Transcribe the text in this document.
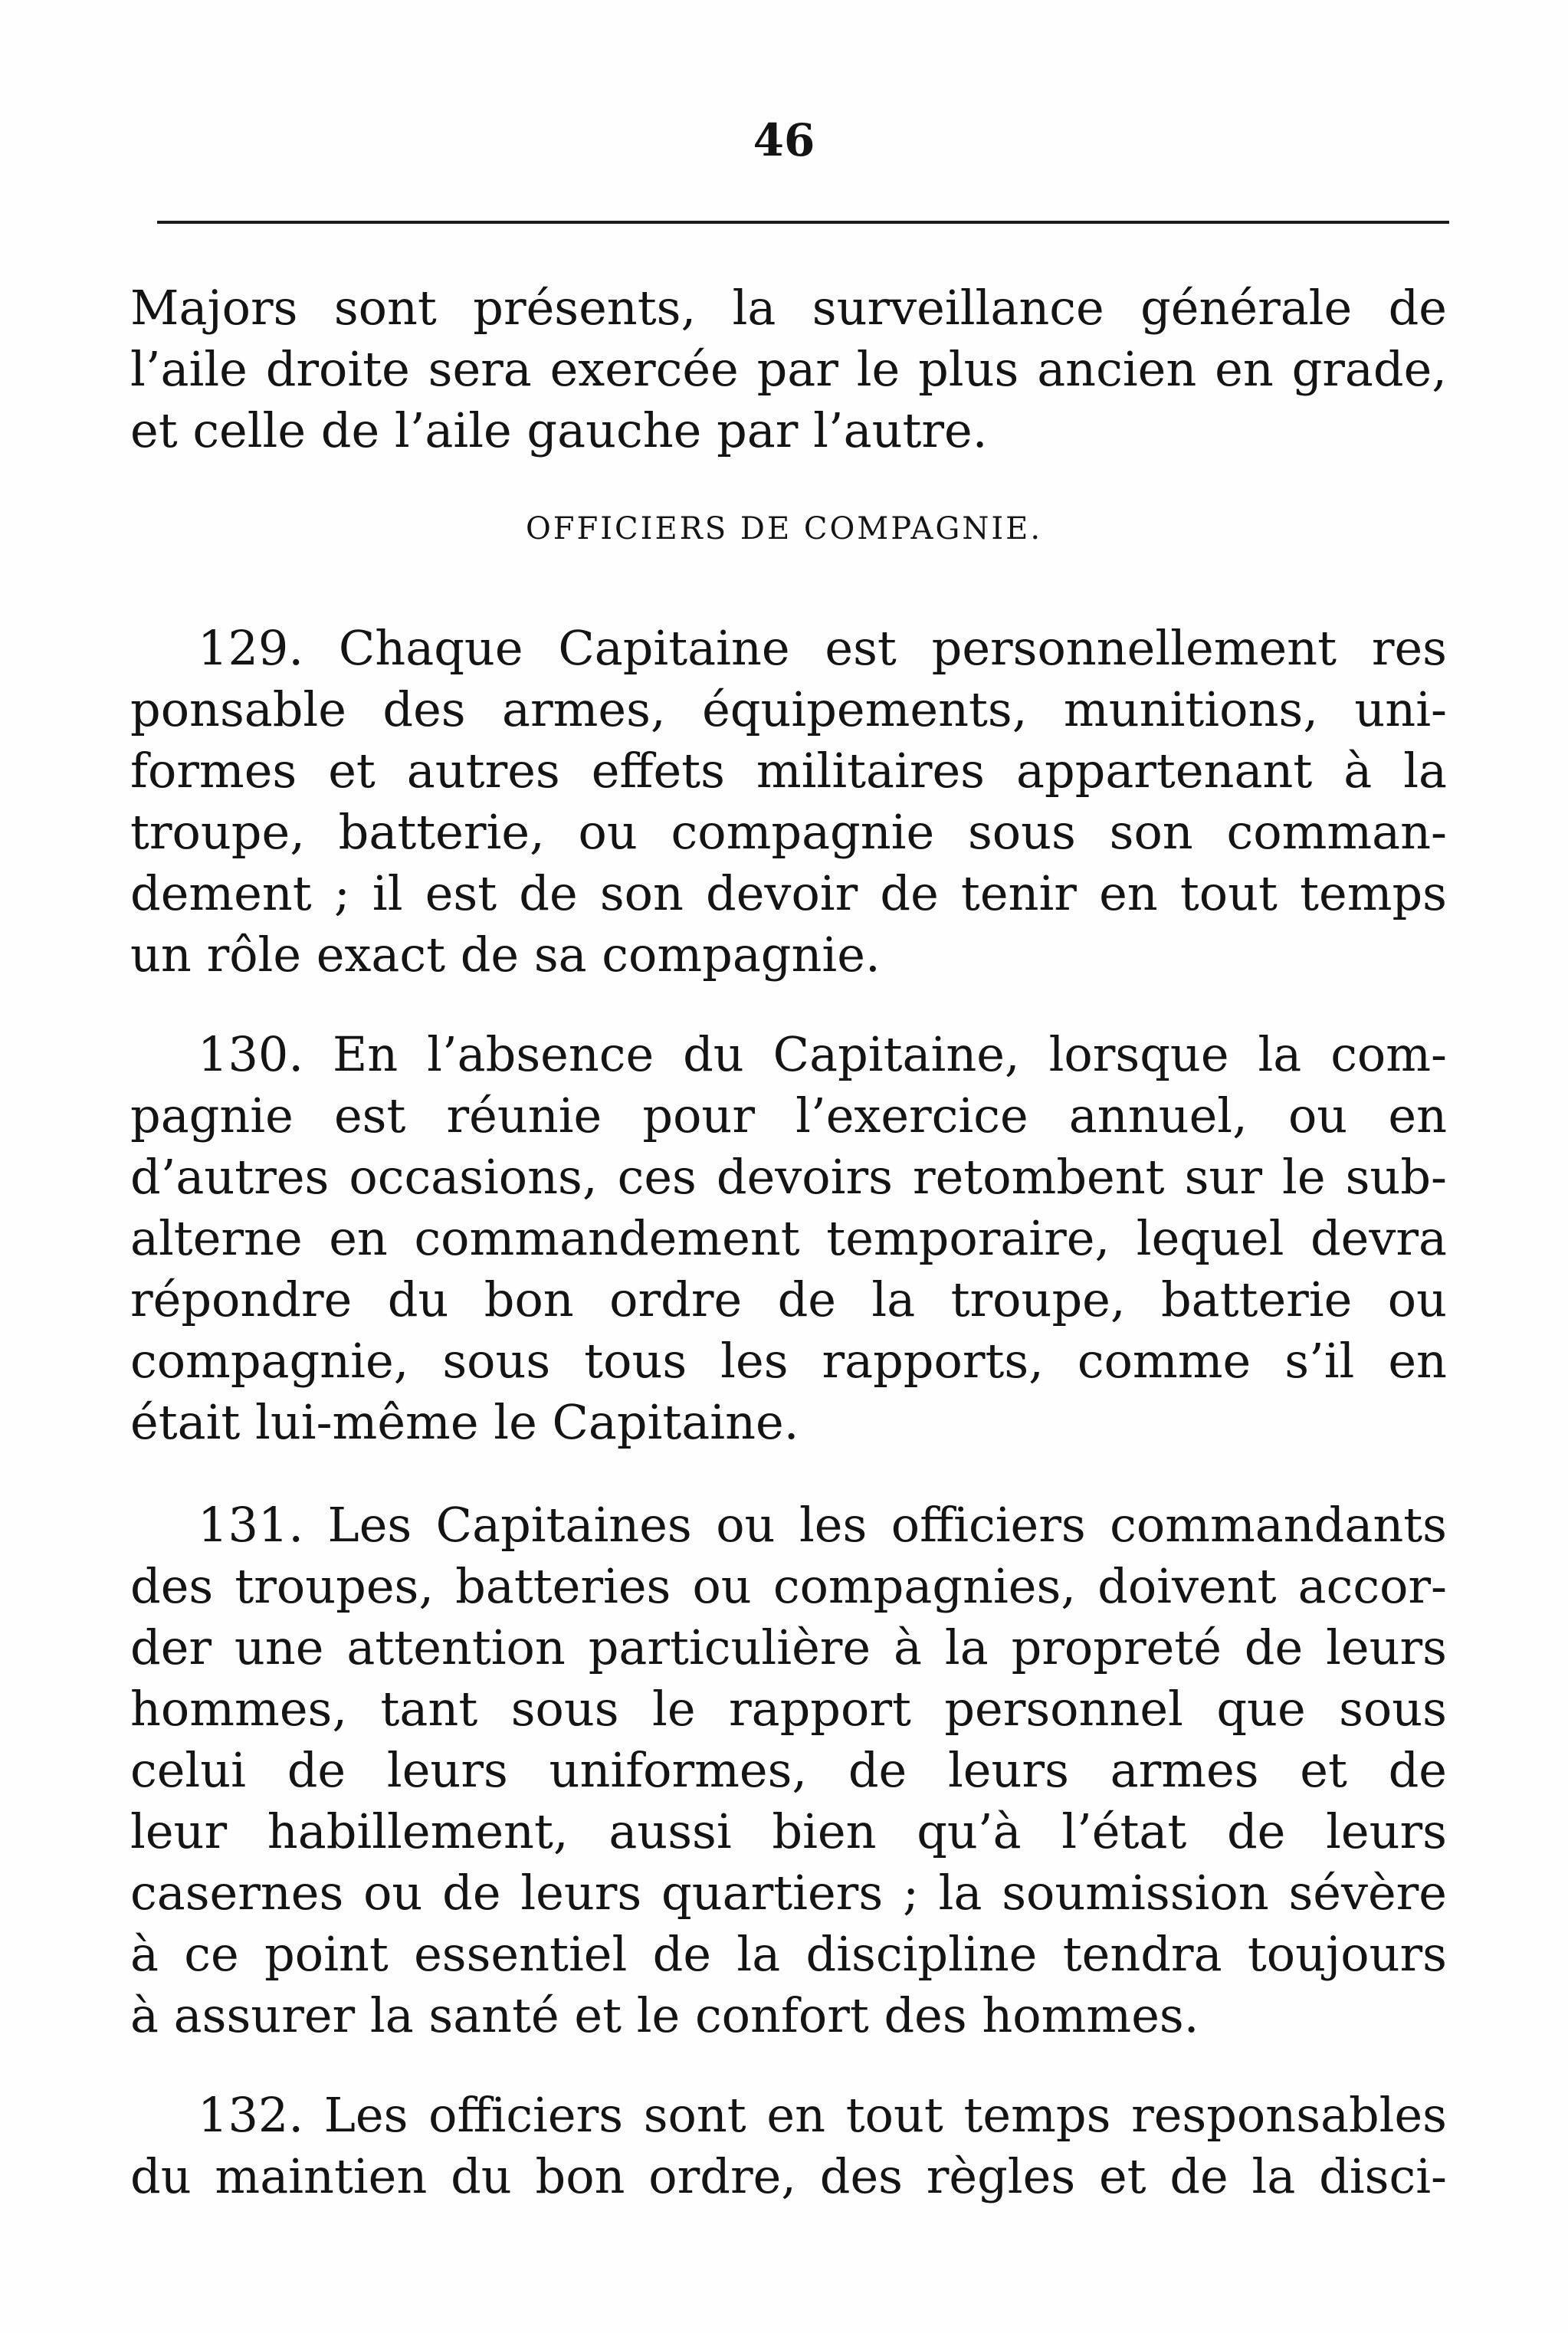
46
Majors sont présents, la surveillance générale de
l’aile droite sera exercée par le plus ancien en grade,
et celle de l’aile gauche par l’autre.
OFFICIERS DE COMPAGNIE.
129. Chaque Capitaine est personnellement res
ponsable des armes, équipements, munitions, uni-
formes et autres effets militaires appartenant à la
troupe, batterie, ou compagnie sous son comman-
dement ; il est de son devoir de tenir en tout temps
un rôle exact de sa compagnie.
130. En l’absence du Capitaine, lorsque la com-
pagnie est réunie pour l’exercice annuel, ou en
d’autres occasions, ces devoirs retombent sur le sub-
alterne en commandement temporaire, lequel devra
répondre du bon ordre de la troupe, batterie ou
compagnie, sous tous les rapports, comme s’il en
était lui-même le Capitaine.
131. Les Capitaines ou les officiers commandants
des troupes, batteries ou compagnies, doivent accor-
der une attention particulière à la propreté de leurs
hommes, tant sous le rapport personnel que sous
celui de leurs uniformes, de leurs armes et de
leur habillement, aussi bien qu’à l’état de leurs
casernes ou de leurs quartiers ; la soumission sévère
à ce point essentiel de la discipline tendra toujours
à assurer la santé et le confort des hommes.
132. Les officiers sont en tout temps responsables
du maintien du bon ordre, des règles et de la disci-
